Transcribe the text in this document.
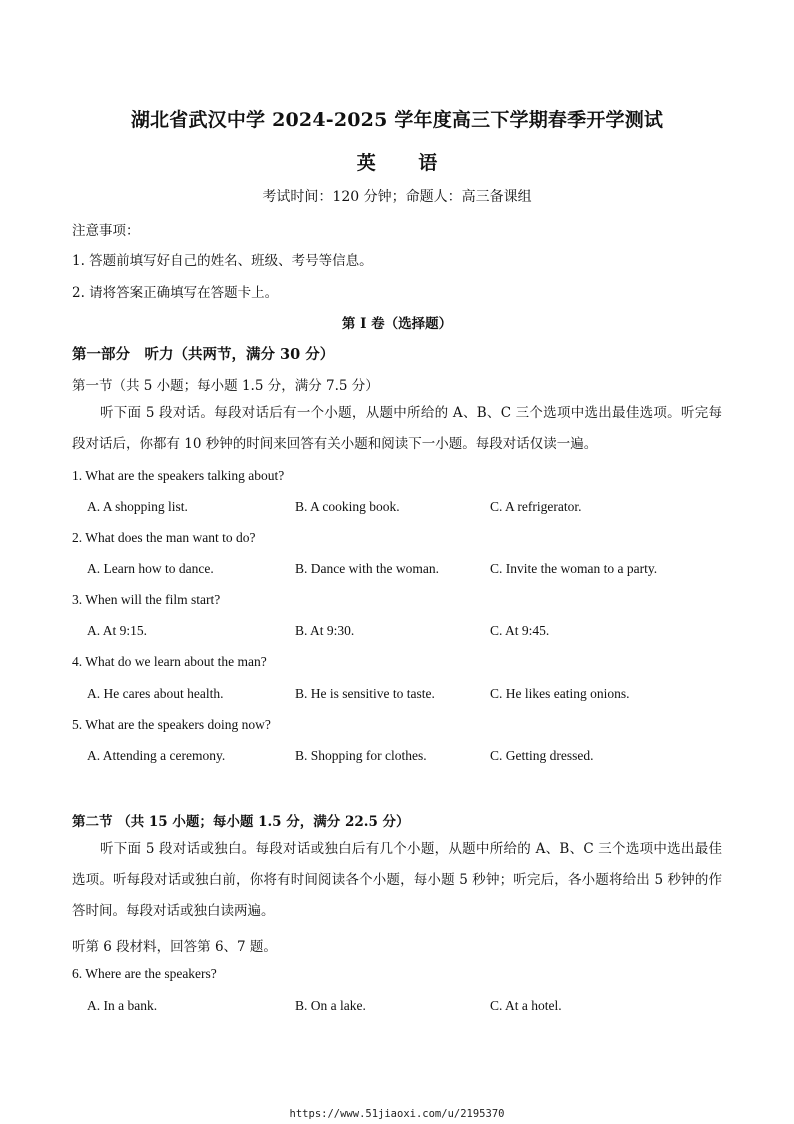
湖北省武汉中学 2024-2025 学年度高三下学期春季开学测试
英 语
考试时间：120 分钟；命题人：高三备课组
注意事项：
1. 答题前填写好自己的姓名、班级、考号等信息。
2. 请将答案正确填写在答题卡上。
第 I 卷（选择题）
第一部分　听力（共两节，满分 30 分）
第一节（共 5 小题；每小题 1.5 分，满分 7.5 分）
听下面 5 段对话。每段对话后有一个小题，从题中所给的 A、B、C 三个选项中选出最佳选项。听完每段对话后，你都有 10 秒钟的时间来回答有关小题和阅读下一小题。每段对话仅读一遍。
1. What are the speakers talking about?
A. A shopping list.	B. A cooking book.	C. A refrigerator.
2. What does the man want to do?
A. Learn how to dance.	B. Dance with the woman.	C. Invite the woman to a party.
3. When will the film start?
A. At 9:15.	B. At 9:30.	C. At 9:45.
4. What do we learn about the man?
A. He cares about health.	B. He is sensitive to taste.	C. He likes eating onions.
5. What are the speakers doing now?
A. Attending a ceremony.	B. Shopping for clothes.	C. Getting dressed.
第二节 （共 15 小题；每小题 1.5 分，满分 22.5 分）
听下面 5 段对话或独白。每段对话或独白后有几个小题，从题中所给的 A、B、C 三个选项中选出最佳选项。听每段对话或独白前，你将有时间阅读各个小题，每小题 5 秒钟；听完后，各小题将给出 5 秒钟的作答时间。每段对话或独白读两遍。
听第 6 段材料，回答第 6、7 题。
6. Where are the speakers?
A. In a bank.	B. On a lake.	C. At a hotel.
https://www.51jiaoxi.com/u/2195370
